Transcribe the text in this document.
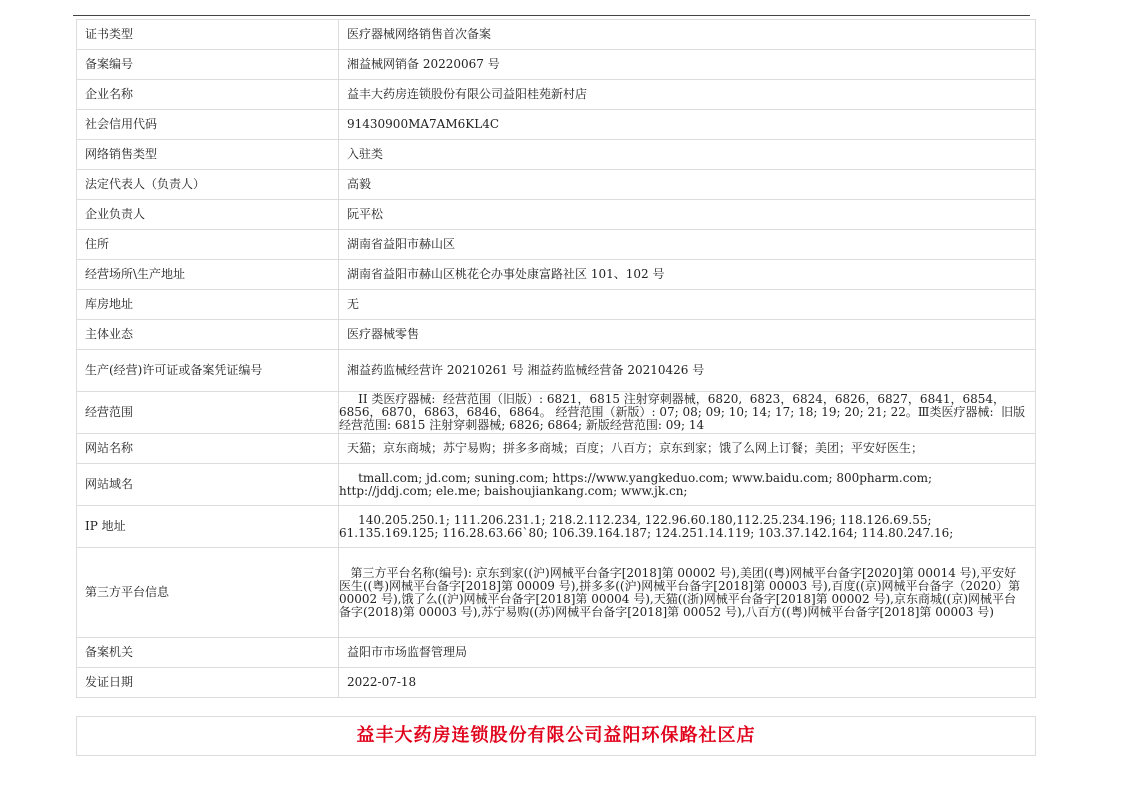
证书类型	医疗器械网络销售首次备案
备案编号	湘益械网销备 20220067 号
企业名称	益丰大药房连锁股份有限公司益阳桂苑新村店
社会信用代码	91430900MA7AM6KL4C
网络销售类型	入驻类
法定代表人（负责人）	高毅
企业负责人	阮平松
住所	湖南省益阳市赫山区
经营场所\生产地址	湖南省益阳市赫山区桃花仑办事处康富路社区 101、102 号
库房地址	无
主体业态	医疗器械零售
生产(经营)许可证或备案凭证编号	湘益药监械经营许 20210261 号 湘益药监械经营备 20210426 号
经营范围	II 类医疗器械:  经营范围（旧版）: 6821，6815 注射穿刺器械，6820,  6823，6824，6826，6827，6841，6854，6856，6870，6863，6846，6864。 经营范围（新版）: 07; 08; 09; 10; 14; 17; 18; 19; 20; 21; 22。Ⅲ类医疗器械:  旧版经营范围: 6815 注射穿刺器械; 6826; 6864; 新版经营范围: 09; 14
网站名称	天猫；京东商城；苏宁易购；拼多多商城；百度；八百方；京东到家；饿了么网上订餐；美团；平安好医生；
网站域名	tmall.com; jd.com; suning.com; https://www.yangkeduo.com; www.baidu.com; 800pharm.com; http://jddj.com; ele.me; baishoujiankang.com; www.jk.cn;
IP 地址	140.205.250.1; 111.206.231.1; 218.2.112.234, 122.96.60.180,112.25.234.196; 118.126.69.55; 61.135.169.125; 116.28.63.66`80; 106.39.164.187; 124.251.14.119; 103.37.142.164; 114.80.247.16;
第三方平台信息	第三方平台名称(编号): 京东到家((沪)网械平台备字[2018]第 00002 号),美团((粤)网械平台备字[2020]第 00014 号),平安好医生((粤)网械平台备字[2018]第 00009 号),拼多多((沪)网械平台备字[2018]第 00003 号),百度((京)网械平台备字（2020）第 00002 号),饿了么((沪)网械平台备字[2018]第 00004 号),天猫((浙)网械平台备字[2018]第 00002 号),京东商城((京)网械平台备字(2018)第 00003 号),苏宁易购((苏)网械平台备字[2018]第 00052 号),八百方((粤)网械平台备字[2018]第 00003 号)
备案机关	益阳市市场监督管理局
发证日期	2022-07-18
益丰大药房连锁股份有限公司益阳环保路社区店
